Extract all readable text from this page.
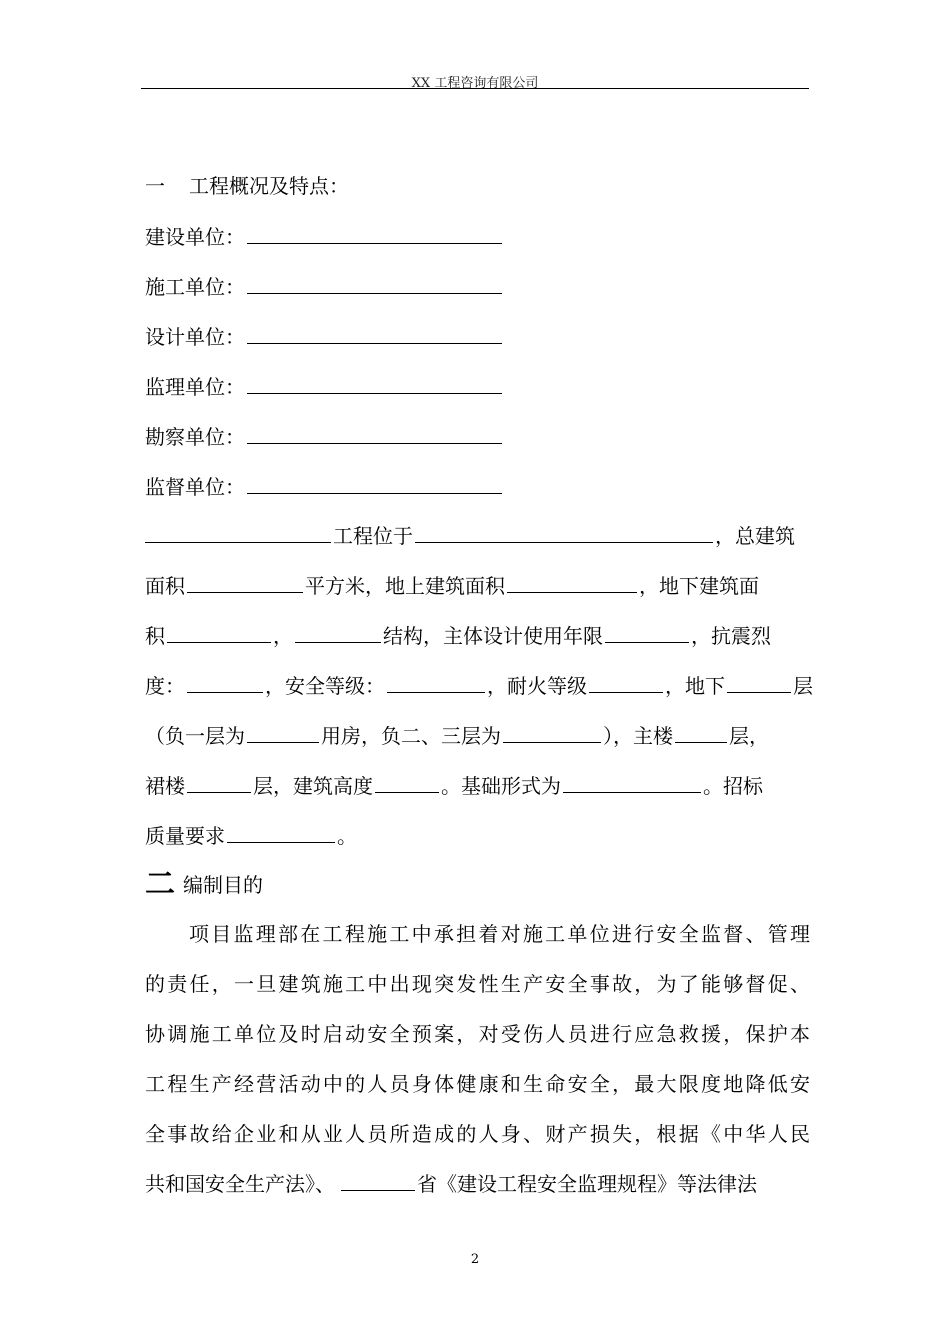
XX 工程咨询有限公司
一 工程概况及特点：
建设单位：
施工单位：
设计单位：
监理单位：
勘察单位：
监督单位：
工程位于	，总建筑
面积	平方米，地上建筑面积	，地下建筑面
积	，	结构，主体设计使用年限	，抗震烈
度：	，安全等级：	，耐火等级	，地下	层
（负一层为	用房，负二、三层为	），主楼	层，
裙楼	层，建筑高度	。基础形式为	。招标
质量要求	。
二编制目的
项目监理部在工程施工中承担着对施工单位进行安全监督、管理
的责任，一旦建筑施工中出现突发性生产安全事故，为了能够督促、
协调施工单位及时启动安全预案，对受伤人员进行应急救援，保护本
工程生产经营活动中的人员身体健康和生命安全，最大限度地降低安
全事故给企业和从业人员所造成的人身、财产损失，根据《中华人民
共和国安全生产法》、	省《建设工程安全监理规程》等法律法
2
